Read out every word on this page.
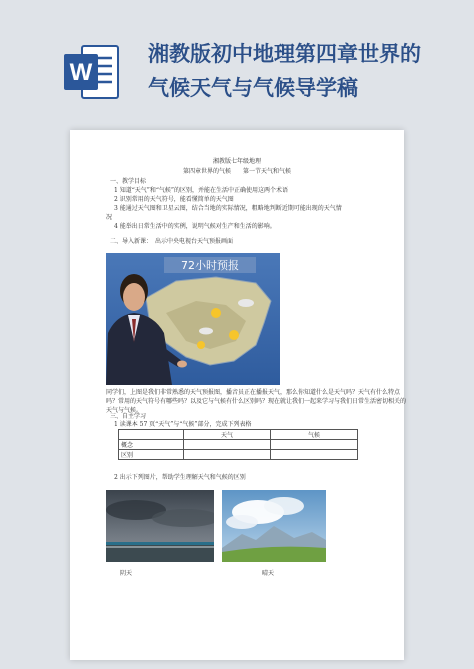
W
湘教版初中地理第四章世界的
气候天气与气候导学稿
湘教版七年级地理
第四章世界的气候　　第一节天气和气候
一、教学目标
1 知道“天气”和“气候”的区别，并能在生活中正确使用这两个术语
2 识别常用的天气符号，能看懂简单的天气图
3 能通过天气图和卫星云图，结合当地的实际情况，粗略地判断近期可能出现的天气情
况
4 能举出日常生活中的实例，说明气候对生产和生活的影响。
二、导入新课：　出示中央电视台天气预报画面
72小时预报
同学们，上图是我们非常熟悉的天气预报图，播音员正在播报天气，那么你知道什么是天气吗？天气有什么特点吗？常用的天气符号有哪些吗？以及它与气候有什么区别吗？现在就让我们一起来学习与我们日常生活密切相关的天气与气候。
三、自主学习
1 读课本 57 页“天气”与“气候”部分，完成下列表格
	天气	气候
概念		
区别		
2 出示下列图片，帮助学生理解天气和气候的区别
阴天	晴天
